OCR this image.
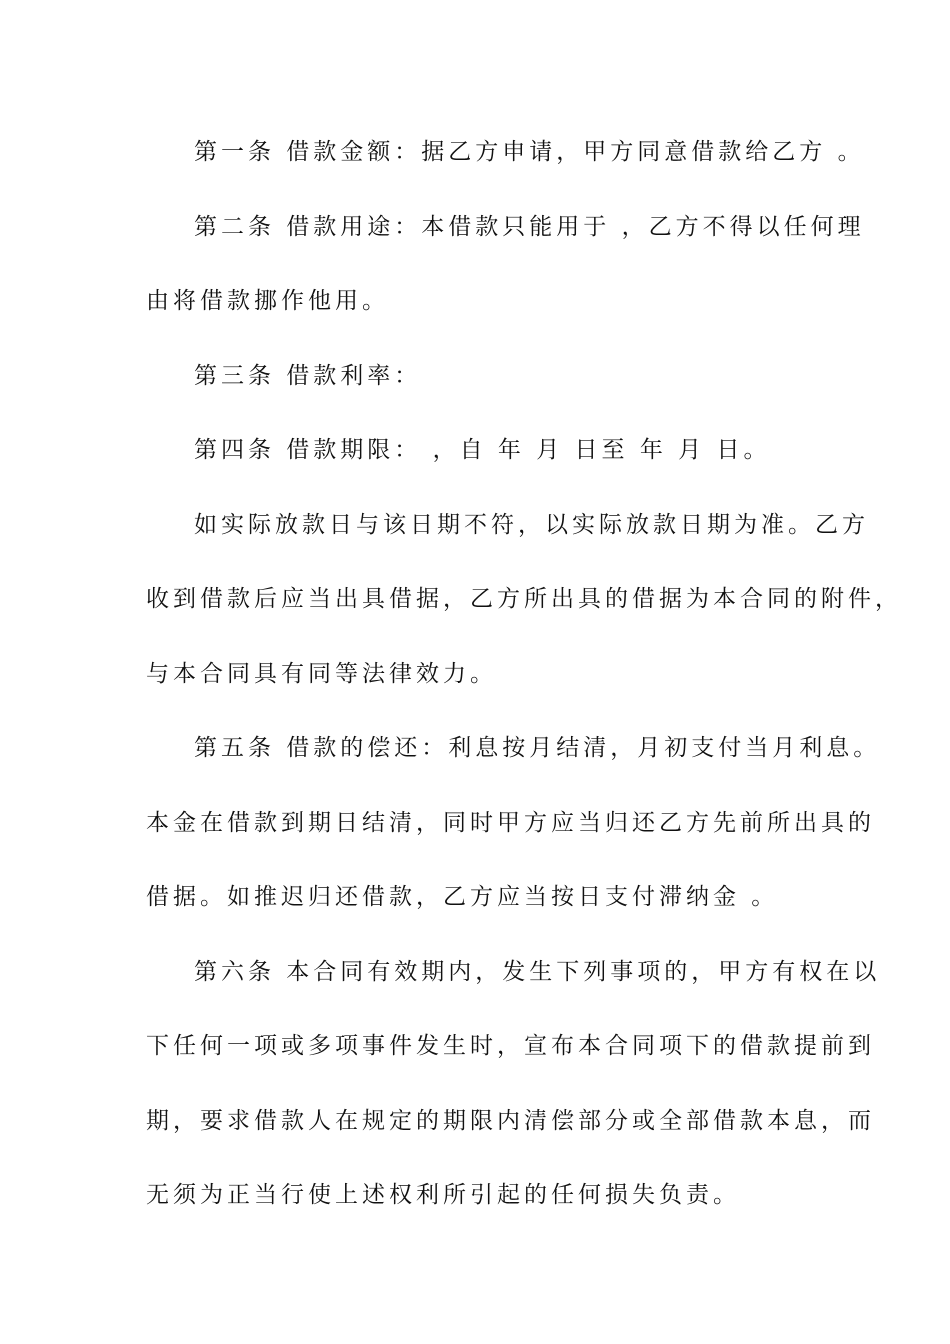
第一条 借款金额：据乙方申请，甲方同意借款给乙方 。
第二条 借款用途：本借款只能用于 ，乙方不得以任何理
由将借款挪作他用。
第三条 借款利率：
第四条 借款期限： ，自 年 月 日至 年 月 日。
如实际放款日与该日期不符，以实际放款日期为准。乙方
收到借款后应当出具借据，乙方所出具的借据为本合同的附件，
与本合同具有同等法律效力。
第五条 借款的偿还：利息按月结清，月初支付当月利息。
本金在借款到期日结清，同时甲方应当归还乙方先前所出具的
借据。如推迟归还借款，乙方应当按日支付滞纳金 。
第六条 本合同有效期内，发生下列事项的，甲方有权在以
下任何一项或多项事件发生时，宣布本合同项下的借款提前到
期，要求借款人在规定的期限内清偿部分或全部借款本息，而
无须为正当行使上述权利所引起的任何损失负责。
